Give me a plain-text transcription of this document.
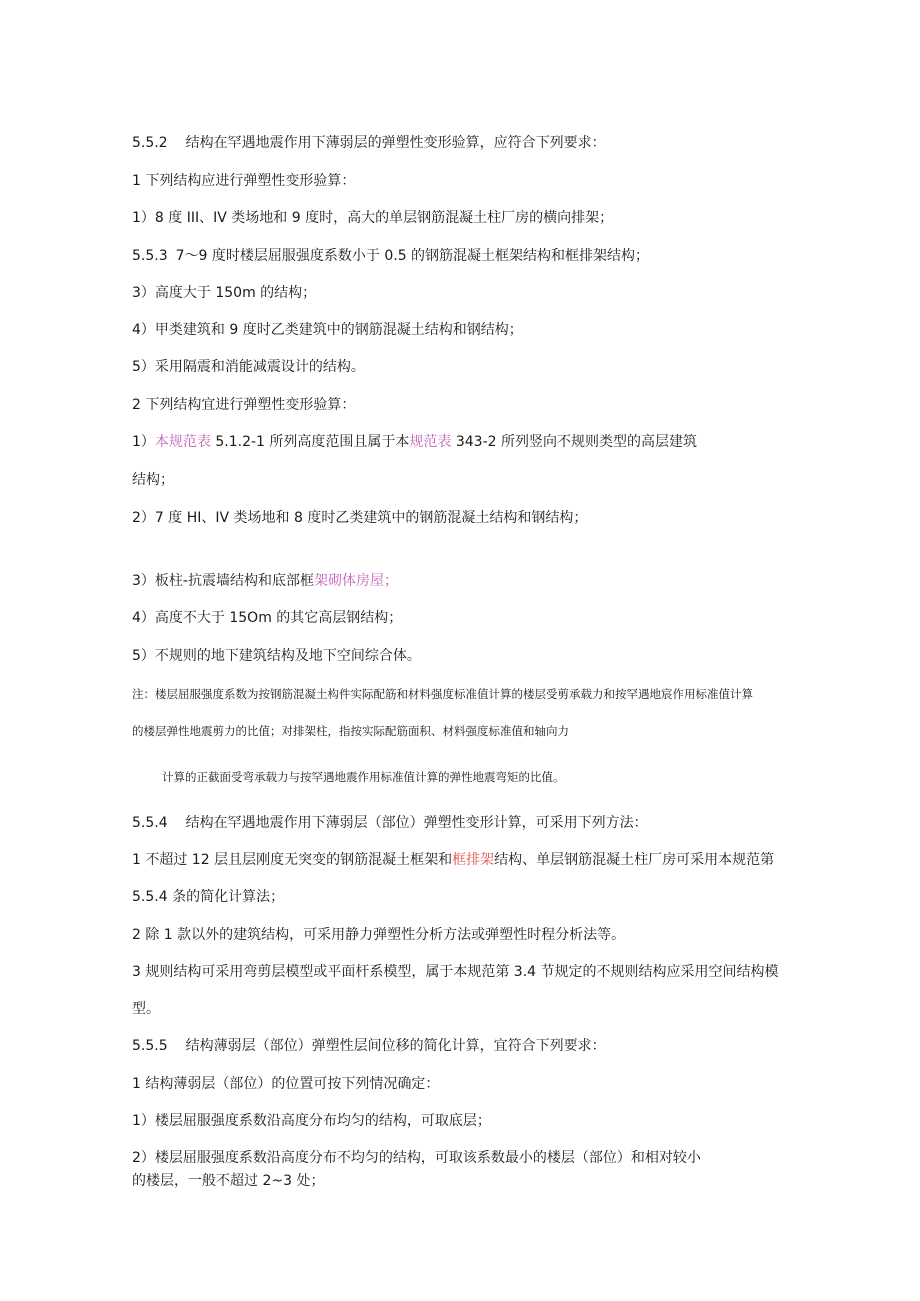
5.5.2 结构在罕遇地震作用下薄弱层的弹塑性变形验算，应符合下列要求：
1 下列结构应进行弹塑性变形验算：
1）8 度 III、IV 类场地和 9 度时，高大的单层钢筋混凝土柱厂房的横向排架；
5.5.3 7～9 度时楼层屈服强度系数小于 0.5 的钢筋混凝土框架结构和框排架结构；
3）高度大于 150m 的结构；
4）甲类建筑和 9 度时乙类建筑中的钢筋混凝土结构和钢结构；
5）采用隔震和消能减震设计的结构。
2 下列结构宜进行弹塑性变形验算：
1）本规范表 5.1.2-1 所列高度范围且属于本规范表 343-2 所列竖向不规则类型的高层建筑
结构；
2）7 度 HI、IV 类场地和 8 度时乙类建筑中的钢筋混凝土结构和钢结构；
3）板柱-抗震墙结构和底部框架砌体房屋；
4）高度不大于 15Om 的其它高层钢结构；
5）不规则的地下建筑结构及地下空间综合体。
注：楼层屈服强度系数为按钢筋混凝土构件实际配筋和材料强度标准值计算的楼层受剪承载力和按罕遇地宸作用标准值计算
的楼层弹性地震剪力的比值；对排架柱，指按实际配筋面积、材料强度标准值和轴向力
计算的正截面受弯承载力与按罕遇地震作用标准值计算的弹性地震弯矩的比值。
5.5.4 结构在罕遇地震作用下薄弱层（部位）弹塑性变形计算，可采用下列方法：
1 不超过 12 层且层刚度无突变的钢筋混凝土框架和框排架结构、单层钢筋混凝土柱厂房可采用本规范第
5.5.4 条的简化计算法；
2 除 1 款以外的建筑结构，可采用静力弹塑性分析方法或弹塑性时程分析法等。
3 规则结构可采用弯剪层模型或平面杆系模型，属于本规范第 3.4 节规定的不规则结构应采用空间结构模
型。
5.5.5 结构薄弱层（部位）弹塑性层间位移的简化计算，宜符合下列要求：
1 结构薄弱层（部位）的位置可按下列情况确定：
1）楼层屈服强度系数沿高度分布均匀的结构，可取底层；
2）楼层屈服强度系数沿高度分布不均匀的结构，可取该系数最小的楼层（部位）和相对较小
的楼层，一般不超过 2~3 处；
